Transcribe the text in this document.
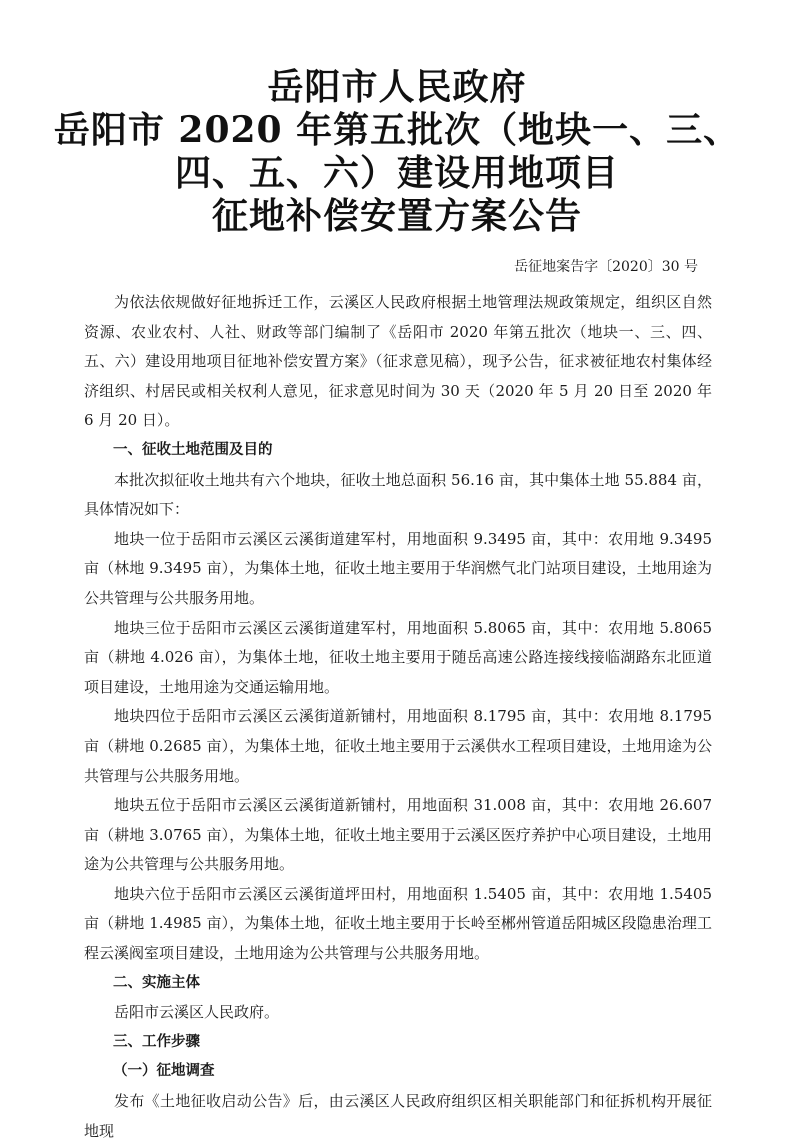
岳阳市人民政府
岳阳市 2020 年第五批次（地块一、三、
四、五、六）建设用地项目
征地补偿安置方案公告
岳征地案告字〔2020〕30 号

为依法依规做好征地拆迁工作，云溪区人民政府根据土地管理法规政策规定，组织区自然资源、农业农村、人社、财政等部门编制了《岳阳市 2020 年第五批次（地块一、三、四、五、六）建设用地项目征地补偿安置方案》（征求意见稿），现予公告，征求被征地农村集体经济组织、村居民或相关权利人意见，征求意见时间为 30 天（2020 年 5 月 20 日至 2020 年 6 月 20 日）。

一、征收土地范围及目的

本批次拟征收土地共有六个地块，征收土地总面积 56.16 亩，其中集体土地 55.884 亩，具体情况如下：

地块一位于岳阳市云溪区云溪街道建军村，用地面积 9.3495 亩，其中：农用地 9.3495 亩（林地 9.3495 亩），为集体土地，征收土地主要用于华润燃气北门站项目建设，土地用途为公共管理与公共服务用地。

地块三位于岳阳市云溪区云溪街道建军村，用地面积 5.8065 亩，其中：农用地 5.8065 亩（耕地 4.026 亩），为集体土地，征收土地主要用于随岳高速公路连接线接临湖路东北匝道项目建设，土地用途为交通运输用地。

地块四位于岳阳市云溪区云溪街道新铺村，用地面积 8.1795 亩，其中：农用地 8.1795 亩（耕地 0.2685 亩），为集体土地，征收土地主要用于云溪供水工程项目建设，土地用途为公共管理与公共服务用地。

地块五位于岳阳市云溪区云溪街道新铺村，用地面积 31.008 亩，其中：农用地 26.607 亩（耕地 3.0765 亩），为集体土地，征收土地主要用于云溪区医疗养护中心项目建设，土地用途为公共管理与公共服务用地。

地块六位于岳阳市云溪区云溪街道坪田村，用地面积 1.5405 亩，其中：农用地 1.5405 亩（耕地 1.4985 亩），为集体土地，征收土地主要用于长岭至郴州管道岳阳城区段隐患治理工程云溪阀室项目建设，土地用途为公共管理与公共服务用地。

二、实施主体

岳阳市云溪区人民政府。

三、工作步骤

（一）征地调查

发布《土地征收启动公告》后，由云溪区人民政府组织区相关职能部门和征拆机构开展征地现
